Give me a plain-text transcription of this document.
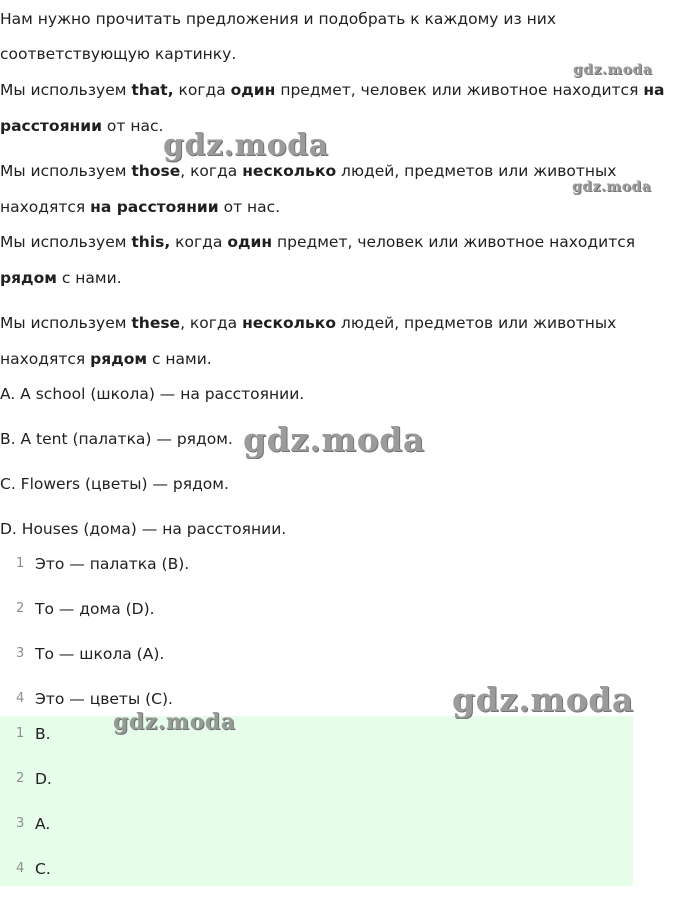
Нам нужно прочитать предложения и подобрать к каждому из них
соответствующую картинку.
Мы используем that, когда один предмет, человек или животное находится на
расстоянии от нас.
Мы используем those, когда несколько людей, предметов или животных
находятся на расстоянии от нас.
Мы используем this, когда один предмет, человек или животное находится
рядом с нами.
Мы используем these, когда несколько людей, предметов или животных
находятся рядом с нами.
A. A school (школа) — на расстоянии.
B. A tent (палатка) — рядом.
C. Flowers (цветы) — рядом.
D. Houses (дома) — на расстоянии.
1 Это — палатка (B).
2 То — дома (D).
3 То — школа (A).
4 Это — цветы (C).
1 B.
2 D.
3 A.
4 C.
gdz.moda
gdz.moda
gdz.moda
gdz.moda
gdz.moda
gdz.moda
